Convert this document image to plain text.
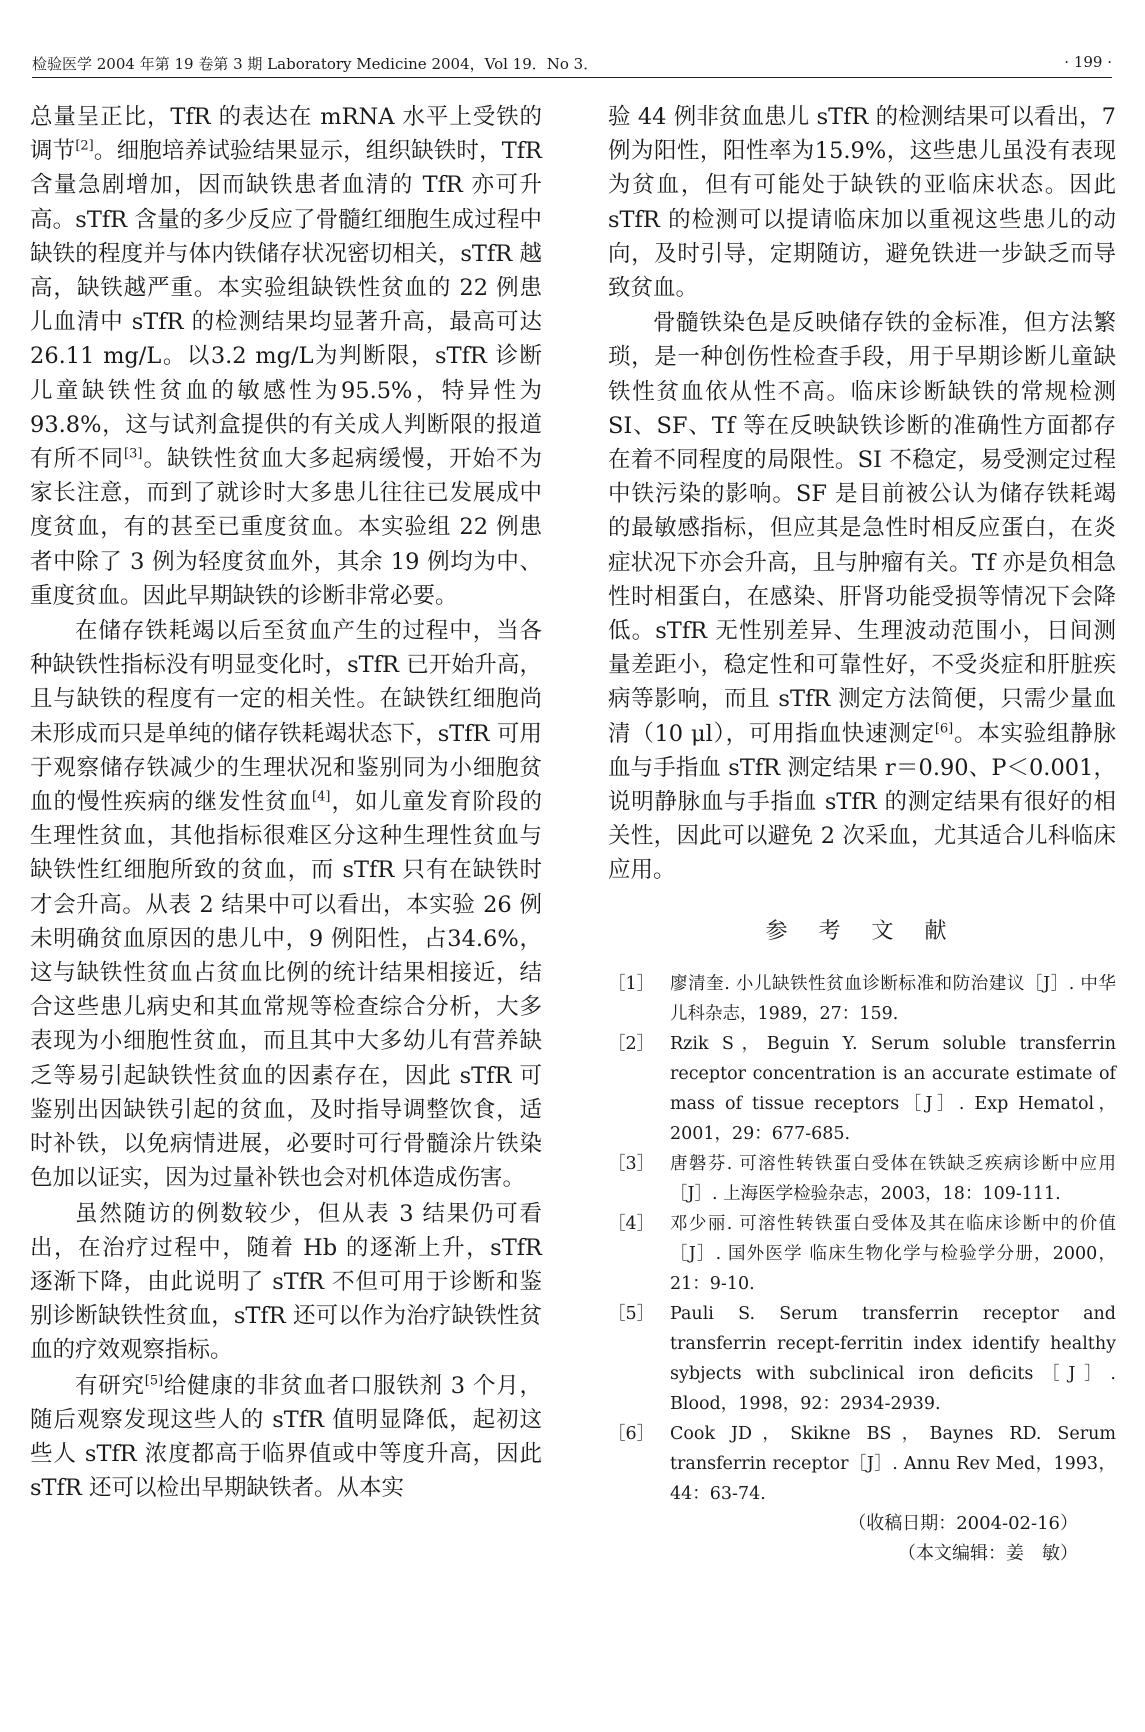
检验医学 2004 年第 19 卷第 3 期 Laboratory Medicine 2004，Vol 19．No 3．	· 199 ·

总量呈正比，TfR 的表达在 mRNA 水平上受铁的调节[2]。细胞培养试验结果显示，组织缺铁时，TfR 含量急剧增加，因而缺铁患者血清的 TfR 亦可升高。sTfR 含量的多少反应了骨髓红细胞生成过程中缺铁的程度并与体内铁储存状况密切相关，sTfR 越高，缺铁越严重。本实验组缺铁性贫血的 22 例患儿血清中 sTfR 的检测结果均显著升高，最高可达26.11 mg/L。以3.2 mg/L为判断限，sTfR 诊断儿童缺铁性贫血的敏感性为95.5%，特异性为93.8%，这与试剂盒提供的有关成人判断限的报道有所不同[3]。缺铁性贫血大多起病缓慢，开始不为家长注意，而到了就诊时大多患儿往往已发展成中度贫血，有的甚至已重度贫血。本实验组 22 例患者中除了 3 例为轻度贫血外，其余 19 例均为中、重度贫血。因此早期缺铁的诊断非常必要。

在储存铁耗竭以后至贫血产生的过程中，当各种缺铁性指标没有明显变化时，sTfR 已开始升高，且与缺铁的程度有一定的相关性。在缺铁红细胞尚未形成而只是单纯的储存铁耗竭状态下，sTfR 可用于观察储存铁减少的生理状况和鉴别同为小细胞贫血的慢性疾病的继发性贫血[4]，如儿童发育阶段的生理性贫血，其他指标很难区分这种生理性贫血与缺铁性红细胞所致的贫血，而 sTfR 只有在缺铁时才会升高。从表 2 结果中可以看出，本实验 26 例未明确贫血原因的患儿中，9 例阳性，占34.6%，这与缺铁性贫血占贫血比例的统计结果相接近，结合这些患儿病史和其血常规等检查综合分析，大多表现为小细胞性贫血，而且其中大多幼儿有营养缺乏等易引起缺铁性贫血的因素存在，因此 sTfR 可鉴别出因缺铁引起的贫血，及时指导调整饮食，适时补铁，以免病情进展，必要时可行骨髓涂片铁染色加以证实，因为过量补铁也会对机体造成伤害。

虽然随访的例数较少，但从表 3 结果仍可看出，在治疗过程中，随着 Hb 的逐渐上升，sTfR 逐渐下降，由此说明了 sTfR 不但可用于诊断和鉴别诊断缺铁性贫血，sTfR 还可以作为治疗缺铁性贫血的疗效观察指标。

有研究[5]给健康的非贫血者口服铁剂 3 个月，随后观察发现这些人的 sTfR 值明显降低，起初这些人 sTfR 浓度都高于临界值或中等度升高，因此 sTfR 还可以检出早期缺铁者。从本实

验 44 例非贫血患儿 sTfR 的检测结果可以看出，7 例为阳性，阳性率为15.9%，这些患儿虽没有表现为贫血，但有可能处于缺铁的亚临床状态。因此 sTfR 的检测可以提请临床加以重视这些患儿的动向，及时引导，定期随访，避免铁进一步缺乏而导致贫血。

骨髓铁染色是反映储存铁的金标准，但方法繁琐，是一种创伤性检查手段，用于早期诊断儿童缺铁性贫血依从性不高。临床诊断缺铁的常规检测 SI、SF、Tf 等在反映缺铁诊断的准确性方面都存在着不同程度的局限性。SI 不稳定，易受测定过程中铁污染的影响。SF 是目前被公认为储存铁耗竭的最敏感指标，但应其是急性时相反应蛋白，在炎症状况下亦会升高，且与肿瘤有关。Tf 亦是负相急性时相蛋白，在感染、肝肾功能受损等情况下会降低。sTfR 无性别差异、生理波动范围小，日间测量差距小，稳定性和可靠性好，不受炎症和肝脏疾病等影响，而且 sTfR 测定方法简便，只需少量血清（10 μl），可用指血快速测定[6]。本实验组静脉血与手指血 sTfR 测定结果 r＝0.90、P＜0.001，说明静脉血与手指血 sTfR 的测定结果有很好的相关性，因此可以避免 2 次采血，尤其适合儿科临床应用。

参 考 文 献
［1］ 廖清奎. 小儿缺铁性贫血诊断标准和防治建议［J］. 中华儿科杂志，1989，27：159.
［2］ Rzik S，Beguin Y. Serum soluble transferrin receptor concentration is an accurate estimate of mass of tissue receptors［J］. Exp Hematol，2001，29：677-685.
［3］ 唐磐芬. 可溶性转铁蛋白受体在铁缺乏疾病诊断中应用［J］. 上海医学检验杂志，2003，18：109-111.
［4］ 邓少丽. 可溶性转铁蛋白受体及其在临床诊断中的价值［J］. 国外医学 临床生物化学与检验学分册，2000，21：9-10.
［5］ Pauli S. Serum transferrin receptor and transferrin recept-ferritin index identify healthy sybjects with subclinical iron deficits［J］. Blood，1998，92：2934-2939.
［6］ Cook JD，Skikne BS，Baynes RD. Serum transferrin receptor［J］. Annu Rev Med，1993，44：63-74.
（收稿日期：2004-02-16）
（本文编辑：姜　敏）
